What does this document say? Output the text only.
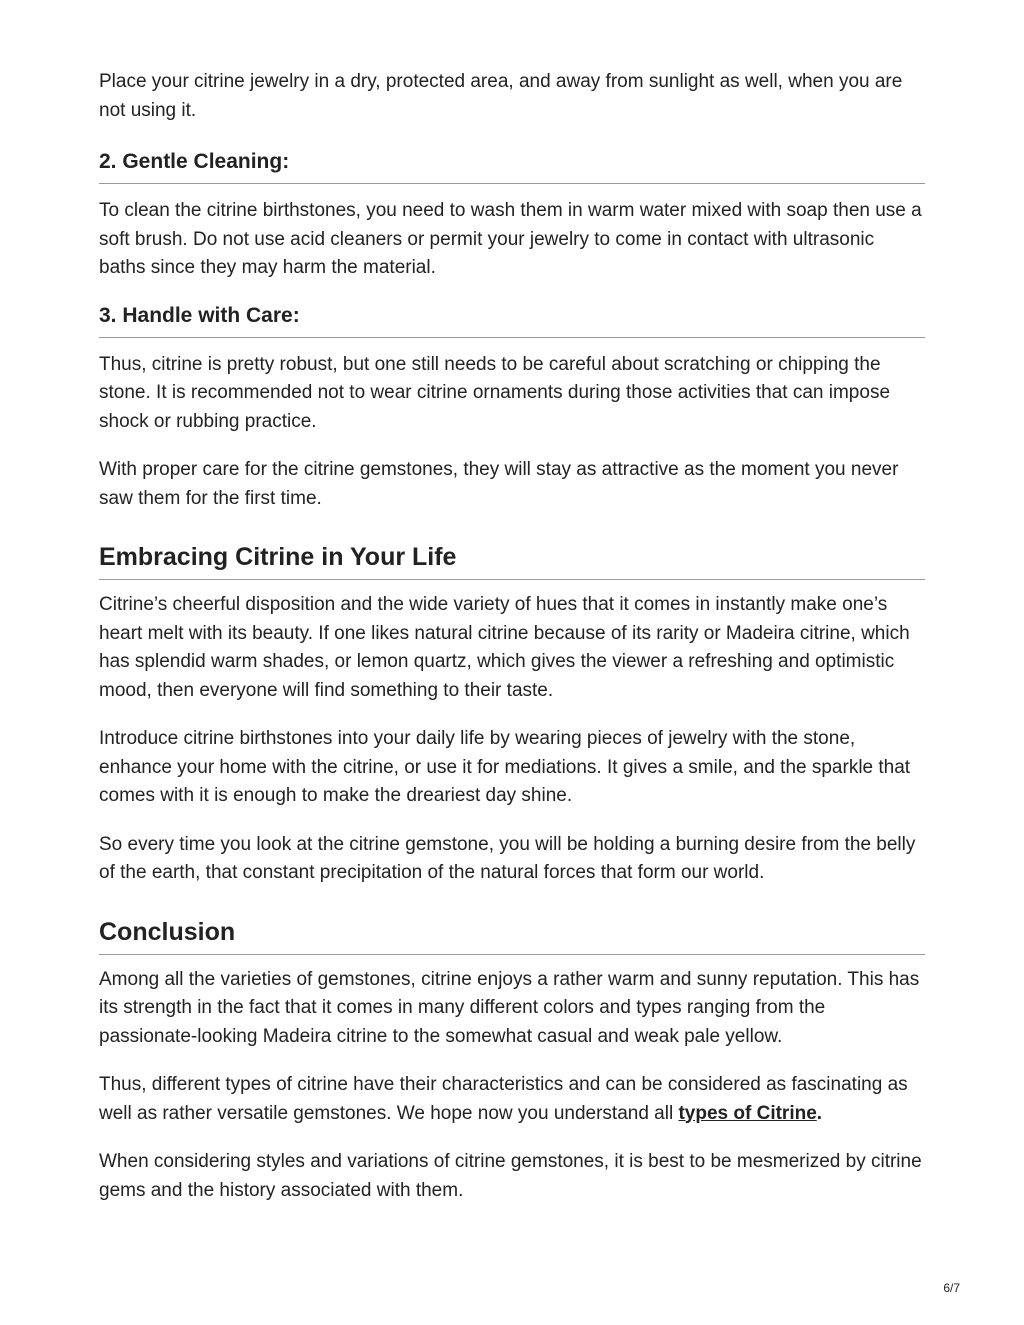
Place your citrine jewelry in a dry, protected area, and away from sunlight as well, when you are not using it.

2. Gentle Cleaning:

To clean the citrine birthstones, you need to wash them in warm water mixed with soap then use a soft brush. Do not use acid cleaners or permit your jewelry to come in contact with ultrasonic baths since they may harm the material.

3. Handle with Care:

Thus, citrine is pretty robust, but one still needs to be careful about scratching or chipping the stone. It is recommended not to wear citrine ornaments during those activities that can impose shock or rubbing practice.

With proper care for the citrine gemstones, they will stay as attractive as the moment you never saw them for the first time.

Embracing Citrine in Your Life

Citrine’s cheerful disposition and the wide variety of hues that it comes in instantly make one’s heart melt with its beauty. If one likes natural citrine because of its rarity or Madeira citrine, which has splendid warm shades, or lemon quartz, which gives the viewer a refreshing and optimistic mood, then everyone will find something to their taste.

Introduce citrine birthstones into your daily life by wearing pieces of jewelry with the stone, enhance your home with the citrine, or use it for mediations. It gives a smile, and the sparkle that comes with it is enough to make the dreariest day shine.

So every time you look at the citrine gemstone, you will be holding a burning desire from the belly of the earth, that constant precipitation of the natural forces that form our world.

Conclusion

Among all the varieties of gemstones, citrine enjoys a rather warm and sunny reputation. This has its strength in the fact that it comes in many different colors and types ranging from the passionate-looking Madeira citrine to the somewhat casual and weak pale yellow.

Thus, different types of citrine have their characteristics and can be considered as fascinating as well as rather versatile gemstones. We hope now you understand all types of Citrine.

When considering styles and variations of citrine gemstones, it is best to be mesmerized by citrine gems and the history associated with them.

6/7
